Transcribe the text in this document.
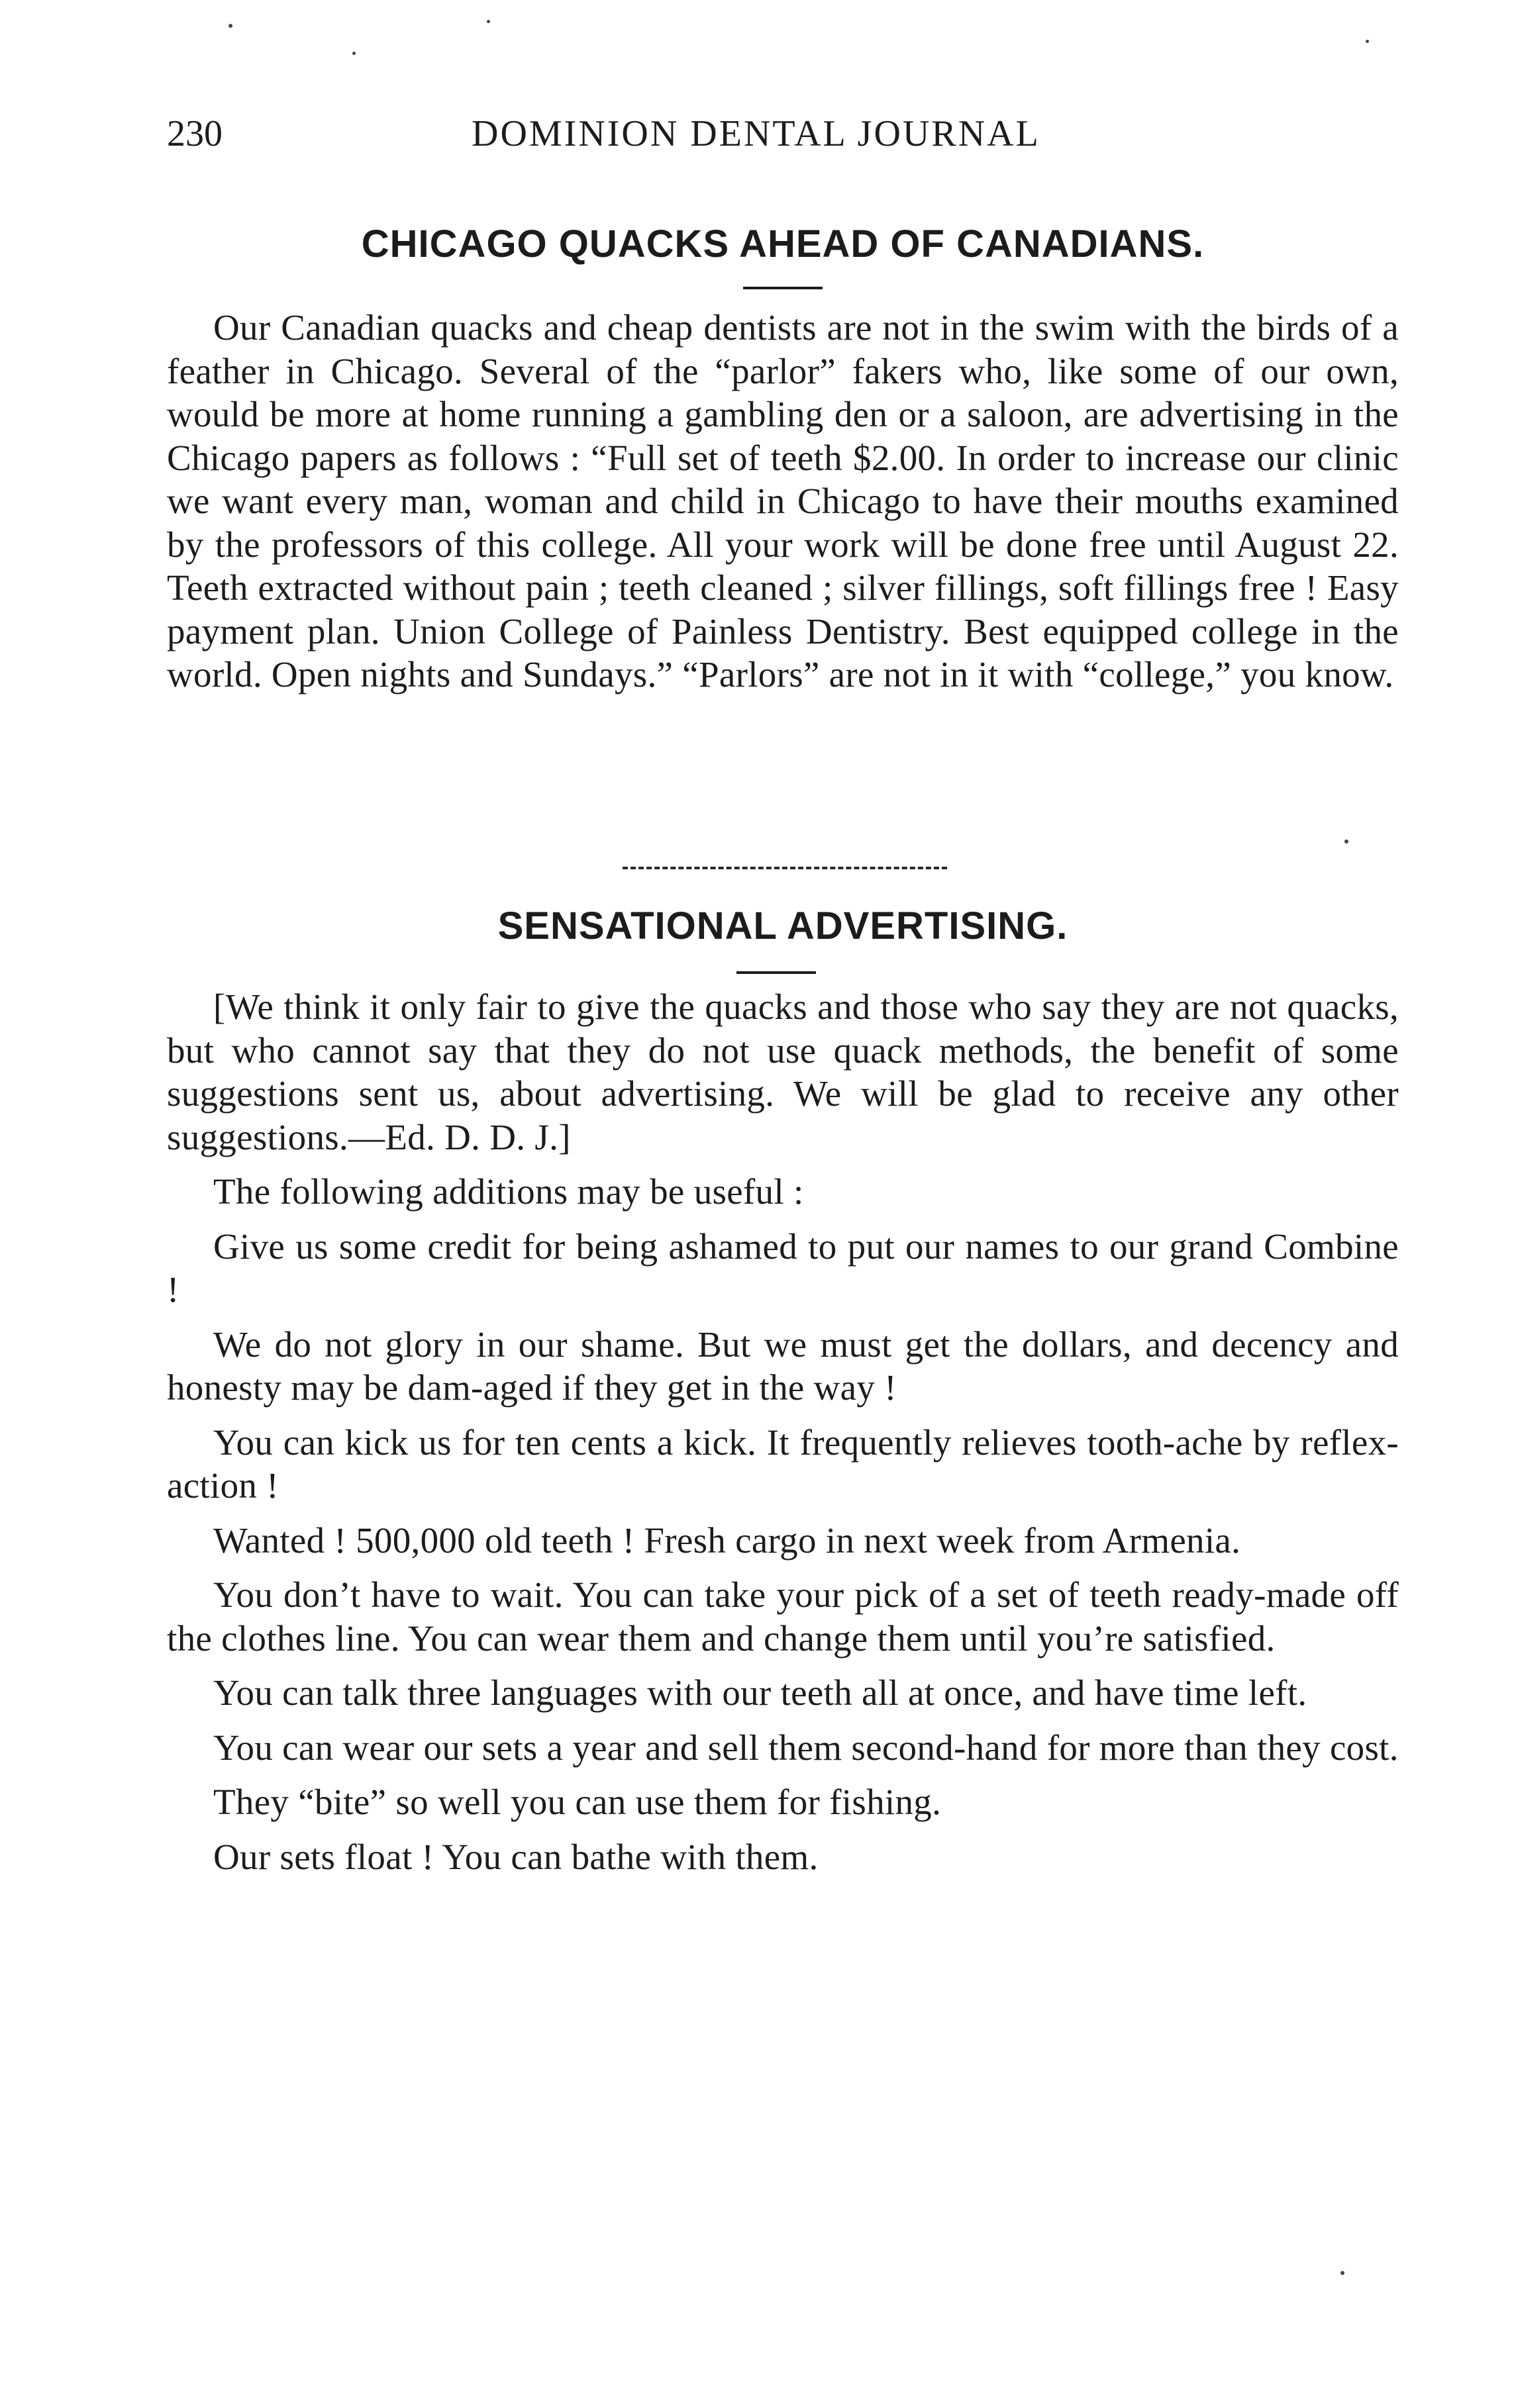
230	DOMINION DENTAL JOURNAL
CHICAGO QUACKS AHEAD OF CANADIANS.

Our Canadian quacks and cheap dentists are not in the swim with the birds of a feather in Chicago. Several of the “parlor” fakers who, like some of our own, would be more at home running a gambling den or a saloon, are advertising in the Chicago papers as follows : “Full set of teeth $2.00. In order to increase our clinic we want every man, woman and child in Chicago to have their mouths examined by the professors of this college. All your work will be done free until August 22. Teeth extracted without pain ; teeth cleaned ; silver fillings, soft fillings free ! Easy payment plan. Union College of Painless Dentistry. Best equipped college in the world. Open nights and Sundays.” “Parlors” are not in it with “college,” you know.

SENSATIONAL ADVERTISING.

[We think it only fair to give the quacks and those who say they are not quacks, but who cannot say that they do not use quack methods, the benefit of some suggestions sent us, about advertising. We will be glad to receive any other suggestions.—Ed. D. D. J.]

The following additions may be useful :

Give us some credit for being ashamed to put our names to our grand Combine !

We do not glory in our shame. But we must get the dollars, and decency and honesty may be dam-aged if they get in the way !

You can kick us for ten cents a kick. It frequently relieves tooth-ache by reflex-action !

Wanted ! 500,000 old teeth ! Fresh cargo in next week from Armenia.

You don’t have to wait. You can take your pick of a set of teeth ready-made off the clothes line. You can wear them and change them until you’re satisfied.

You can talk three languages with our teeth all at once, and have time left.

You can wear our sets a year and sell them second-hand for more than they cost.

They “bite” so well you can use them for fishing.

Our sets float ! You can bathe with them.
